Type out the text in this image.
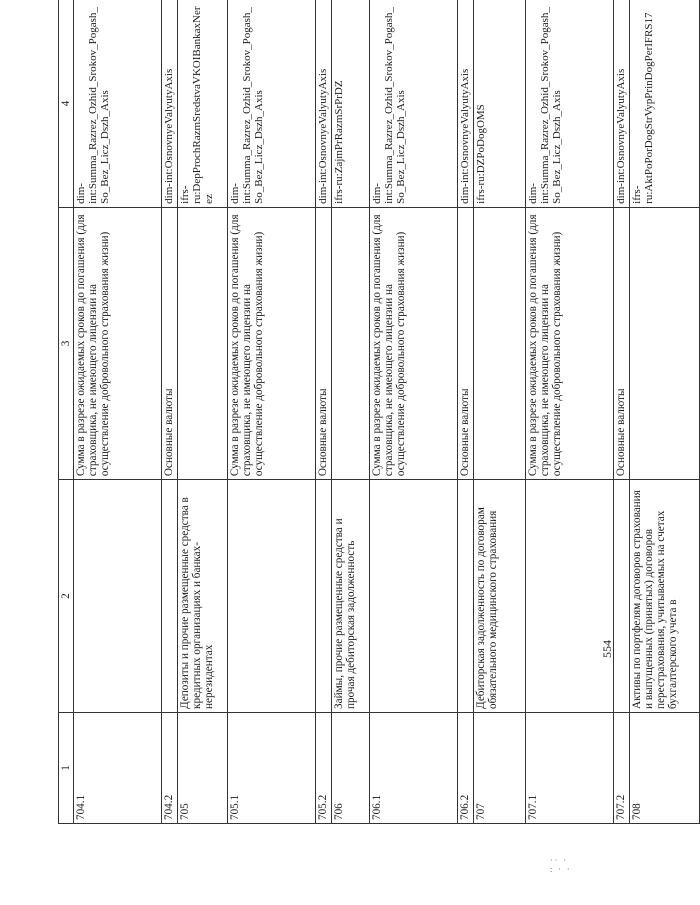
1	2	3	4
704.1		Сумма в разрезе ожидаемых сроков до погашения (для страховщика, не имеющего лицензии на осуществление добровольного страхования жизни)	dim-int:Summa_Razrez_Ozhid_Srokov_Pogash_So_Bez_Licz_Dszh_Axis
704.2		Основные валюты	dim-int:OsnovnyeValyutyAxis
705	Депозиты и прочие размещенные средства в кредитных организациях и банках-нерезидентах		ifrs-ru:DepProchRazmSredstvaVKOIBankaxNerez
705.1		Сумма в разрезе ожидаемых сроков до погашения (для страховщика, не имеющего лицензии на осуществление добровольного страхования жизни)	dim-int:Summa_Razrez_Ozhid_Srokov_Pogash_So_Bez_Licz_Dszh_Axis
705.2		Основные валюты	dim-int:OsnovnyeValyutyAxis
706	Займы, прочие размещенные средства и прочая дебиторская задолженность		ifrs-ru:ZajmPrRazmSrPrDZ
706.1		Сумма в разрезе ожидаемых сроков до погашения (для страховщика, не имеющего лицензии на осуществление добровольного страхования жизни)	dim-int:Summa_Razrez_Ozhid_Srokov_Pogash_So_Bez_Licz_Dszh_Axis
706.2		Основные валюты	dim-int:OsnovnyeValyutyAxis
707	Дебиторская задолженность по договорам обязательного медицинского страхования		ifrs-ru:DZPoDogOMS
707.1		Сумма в разрезе ожидаемых сроков до погашения (для страховщика, не имеющего лицензии на осуществление добровольного страхования жизни)	dim-int:Summa_Razrez_Ozhid_Srokov_Pogash_So_Bez_Licz_Dszh_Axis
707.2		Основные валюты	dim-int:OsnovnyeValyutyAxis
708	Активы по портфелям договоров страхования и выпущенных (принятых) договоров перестрахования, учитываемых на счетах бухгалтерского учета в		ifrs-ru:AktPoPorDogStrVypPrinDogPerIFRS17
554
·· ·
: · ·
